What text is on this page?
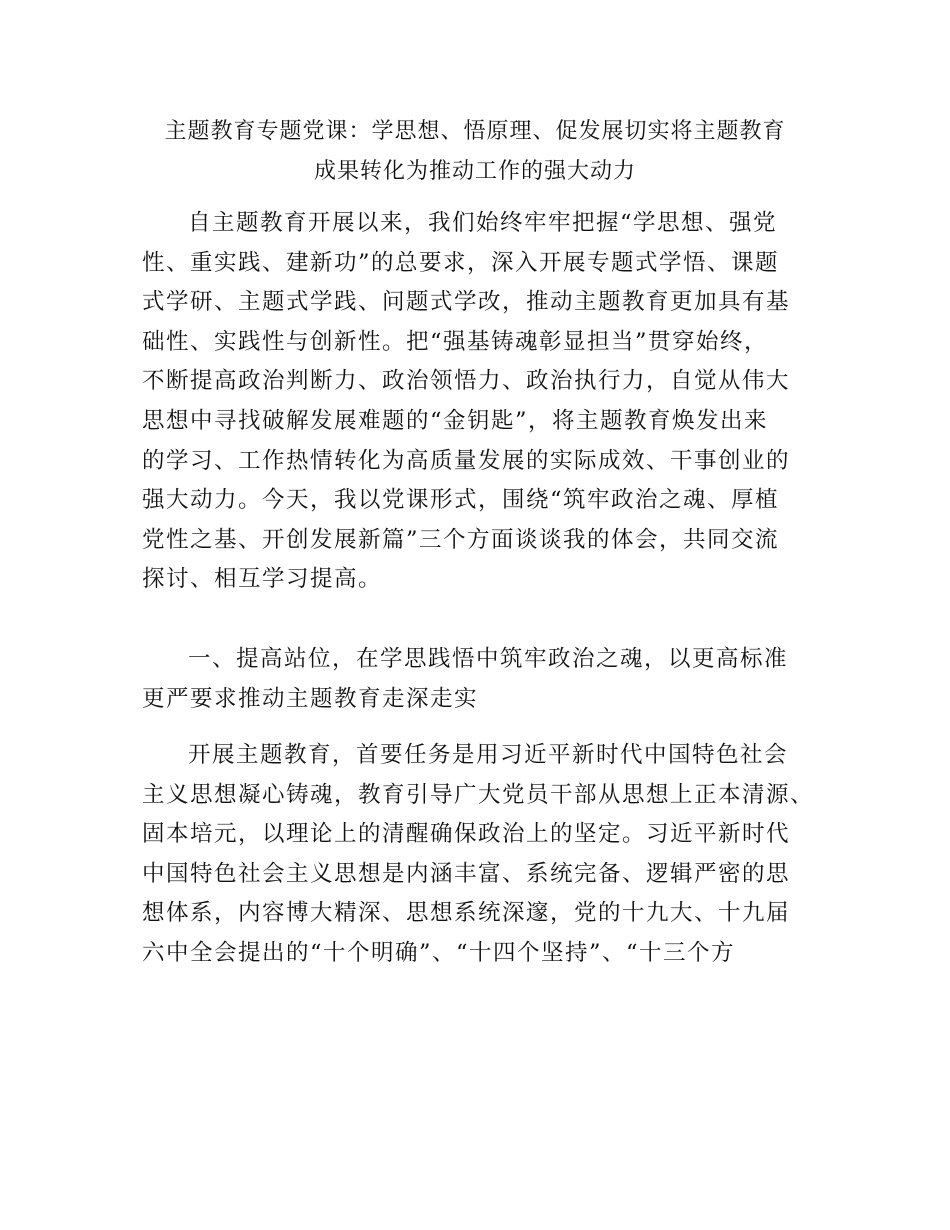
主题教育专题党课：学思想、悟原理、促发展切实将主题教育
成果转化为推动工作的强大动力
自主题教育开展以来，我们始终牢牢把握“学思想、强党
性、重实践、建新功”的总要求，深入开展专题式学悟、课题
式学研、主题式学践、问题式学改，推动主题教育更加具有基
础性、实践性与创新性。把“强基铸魂彰显担当”贯穿始终，
不断提高政治判断力、政治领悟力、政治执行力，自觉从伟大
思想中寻找破解发展难题的“金钥匙”，将主题教育焕发出来
的学习、工作热情转化为高质量发展的实际成效、干事创业的
强大动力。今天，我以党课形式，围绕“筑牢政治之魂、厚植
党性之基、开创发展新篇”三个方面谈谈我的体会，共同交流
探讨、相互学习提高。
一、提高站位，在学思践悟中筑牢政治之魂，以更高标准
更严要求推动主题教育走深走实
开展主题教育，首要任务是用习近平新时代中国特色社会
主义思想凝心铸魂，教育引导广大党员干部从思想上正本清源、
固本培元，以理论上的清醒确保政治上的坚定。习近平新时代
中国特色社会主义思想是内涵丰富、系统完备、逻辑严密的思
想体系，内容博大精深、思想系统深邃，党的十九大、十九届
六中全会提出的“十个明确”、“十四个坚持”、“十三个方
